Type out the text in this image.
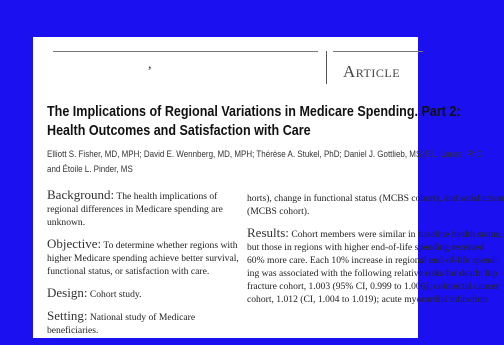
,	Article
The Implications of Regional Variations in Medicare Spending. Part 2:
Health Outcomes and Satisfaction with Care
Elliott S. Fisher, MD, MPH; David E. Wennberg, MD, MPH; Thérèse A. Stukel, PhD; Daniel J. Gottlieb, MS; F.L. Lucas, PhD;
and Étoile L. Pinder, MS
Background: The health implications of regional differences in Medicare spending are unknown.
Objective: To determine whether regions with higher Medicare spending achieve better survival, functional status, or satisfaction with care.
Design: Cohort study.
Setting: National study of Medicare beneficiaries.
horts), change in functional status (MCBS cohort), and satisfaction
(MCBS cohort).
Results: Cohort members were similar in baseline health status,
but those in regions with higher end-of-life spending received
60% more care. Each 10% increase in regional end-of-life spend-
ing was associated with the following relative risks for death: hip
fracture cohort, 1.003 (95% CI, 0.999 to 1.006); colorectal cancer
cohort, 1.012 (CI, 1.004 to 1.019); acute myocardial infarction
